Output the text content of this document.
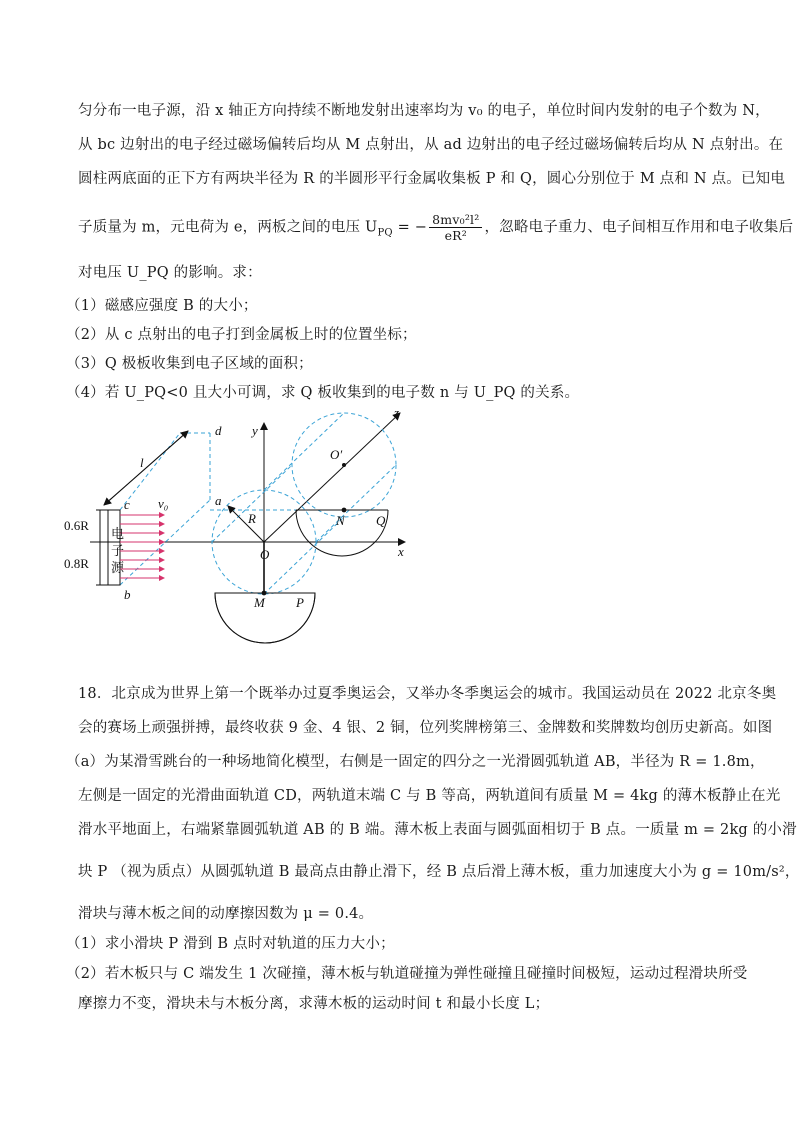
匀分布一电子源，沿 x 轴正方向持续不断地发射出速率均为 v₀ 的电子，单位时间内发射的电子个数为 N，
从 bc 边射出的电子经过磁场偏转后均从 M 点射出，从 ad 边射出的电子经过磁场偏转后均从 N 点射出。在
圆柱两底面的正下方有两块半径为 R 的半圆形平行金属收集板 P 和 Q，圆心分别位于 M 点和 N 点。已知电
子质量为 m，元电荷为 e，两板之间的电压 $U_{PQ}$ = − $\frac{\text{8mv₀²l²}}{\text{eR²}}$ ，忽略电子重力、电子间相互作用和电子收集后
对电压 U_PQ 的影响。求：
（1）磁感应强度 B 的大小；
（2）从 c 点射出的电子打到金属板上时的位置坐标；
（3）Q 极板收集到电子区域的面积；
（4）若 U_PQ<0 且大小可调，求 Q 板收集到的电子数 n 与 U_PQ 的关系。
d
a
c
b
l
v₀
y
z
x
O
O′
N Q
M P
R
0.6R
0.8R
电
子
源
18．北京成为世界上第一个既举办过夏季奥运会，又举办冬季奥运会的城市。我国运动员在 2022 北京冬奥
会的赛场上顽强拼搏，最终收获 9 金、4 银、2 铜，位列奖牌榜第三、金牌数和奖牌数均创历史新高。如图
（a）为某滑雪跳台的一种场地简化模型，右侧是一固定的四分之一光滑圆弧轨道 AB，半径为 R = 1.8m，
左侧是一固定的光滑曲面轨道 CD，两轨道末端 C 与 B 等高，两轨道间有质量 M = 4kg 的薄木板静止在光
滑水平地面上，右端紧靠圆弧轨道 AB 的 B 端。薄木板上表面与圆弧面相切于 B 点。一质量 m = 2kg 的小滑
块 P （视为质点）从圆弧轨道 B 最高点由静止滑下，经 B 点后滑上薄木板，重力加速度大小为 g = 10m/s²，
滑块与薄木板之间的动摩擦因数为 μ = 0.4。
（1）求小滑块 P 滑到 B 点时对轨道的压力大小；
（2）若木板只与 C 端发生 1 次碰撞，薄木板与轨道碰撞为弹性碰撞且碰撞时间极短，运动过程滑块所受
摩擦力不变，滑块未与木板分离，求薄木板的运动时间 t 和最小长度 L；
